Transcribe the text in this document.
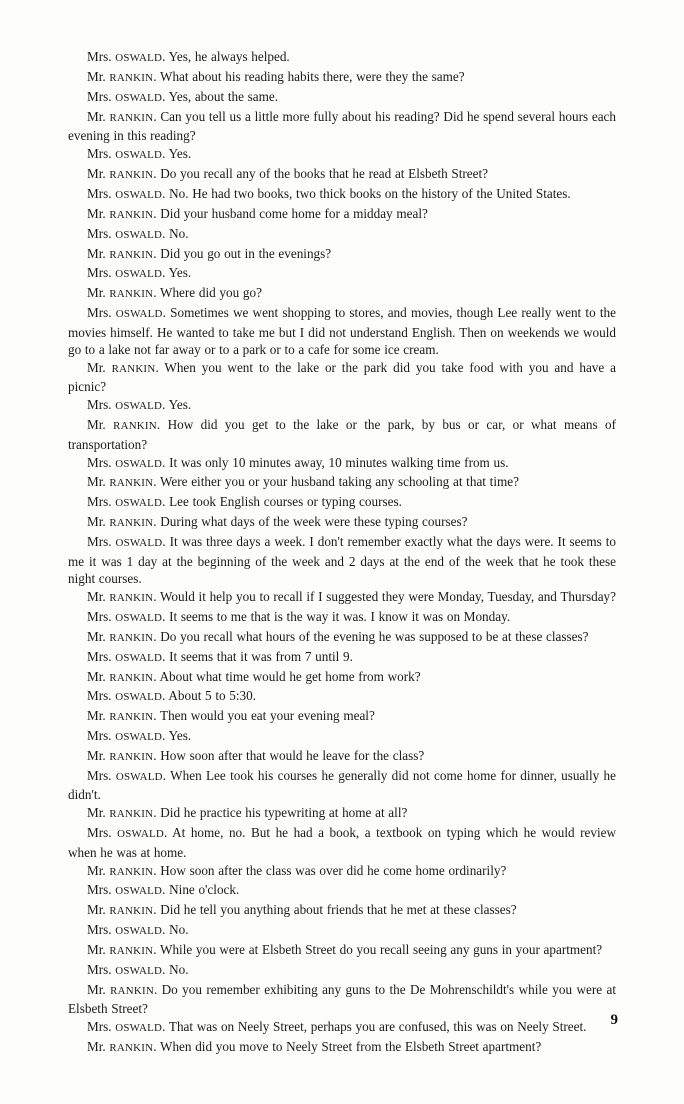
Mrs. OSWALD. Yes, he always helped.

Mr. RANKIN. What about his reading habits there, were they the same?

Mrs. OSWALD. Yes, about the same.

Mr. RANKIN. Can you tell us a little more fully about his reading? Did he spend several hours each evening in this reading?

Mrs. OSWALD. Yes.

Mr. RANKIN. Do you recall any of the books that he read at Elsbeth Street?

Mrs. OSWALD. No. He had two books, two thick books on the history of the United States.

Mr. RANKIN. Did your husband come home for a midday meal?

Mrs. OSWALD. No.

Mr. RANKIN. Did you go out in the evenings?

Mrs. OSWALD. Yes.

Mr. RANKIN. Where did you go?

Mrs. OSWALD. Sometimes we went shopping to stores, and movies, though Lee really went to the movies himself. He wanted to take me but I did not understand English. Then on weekends we would go to a lake not far away or to a park or to a cafe for some ice cream.

Mr. RANKIN. When you went to the lake or the park did you take food with you and have a picnic?

Mrs. OSWALD. Yes.

Mr. RANKIN. How did you get to the lake or the park, by bus or car, or what means of transportation?

Mrs. OSWALD. It was only 10 minutes away, 10 minutes walking time from us.

Mr. RANKIN. Were either you or your husband taking any schooling at that time?

Mrs. OSWALD. Lee took English courses or typing courses.

Mr. RANKIN. During what days of the week were these typing courses?

Mrs. OSWALD. It was three days a week. I don't remember exactly what the days were. It seems to me it was 1 day at the beginning of the week and 2 days at the end of the week that he took these night courses.

Mr. RANKIN. Would it help you to recall if I suggested they were Monday, Tuesday, and Thursday?

Mrs. OSWALD. It seems to me that is the way it was. I know it was on Monday.

Mr. RANKIN. Do you recall what hours of the evening he was supposed to be at these classes?

Mrs. OSWALD. It seems that it was from 7 until 9.

Mr. RANKIN. About what time would he get home from work?

Mrs. OSWALD. About 5 to 5:30.

Mr. RANKIN. Then would you eat your evening meal?

Mrs. OSWALD. Yes.

Mr. RANKIN. How soon after that would he leave for the class?

Mrs. OSWALD. When Lee took his courses he generally did not come home for dinner, usually he didn't.

Mr. RANKIN. Did he practice his typewriting at home at all?

Mrs. OSWALD. At home, no. But he had a book, a textbook on typing which he would review when he was at home.

Mr. RANKIN. How soon after the class was over did he come home ordinarily?

Mrs. OSWALD. Nine o'clock.

Mr. RANKIN. Did he tell you anything about friends that he met at these classes?

Mrs. OSWALD. No.

Mr. RANKIN. While you were at Elsbeth Street do you recall seeing any guns in your apartment?

Mrs. OSWALD. No.

Mr. RANKIN. Do you remember exhibiting any guns to the De Mohrenschildt's while you were at Elsbeth Street?

Mrs. OSWALD. That was on Neely Street, perhaps you are confused, this was on Neely Street.

Mr. RANKIN. When did you move to Neely Street from the Elsbeth Street apartment?

9
